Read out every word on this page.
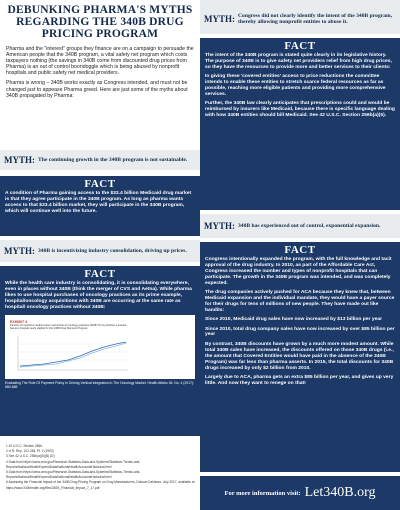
DEBUNKING PHARMA'S MYTHS REGARDING THE 340B DRUG PRICING PROGRAM

Pharma and the "interest" groups they finance are on a campaign to persuade the American people that the 340B program, a vital safety net program which costs taxpayers nothing (the savings in 340B come from discounted drug prices from Pharma) is an out of control boondoggle which is being abused by nonprofit hospitals and public safety net medical providers.

Pharma is wrong – 340B works exactly as Congress intended, and must not be changed just to appease Pharma greed. Here are just some of the myths about 340B propagated by Pharma:

MYTH: The continuing growth in the 340B program is not sustainable.
FACT

A condition of Pharma gaining access to the $33.4 billion Medicaid drug market is that they agree participate in the 340B program. As long as pharma wants access to that $33.4 billion market, they will participate in the 340B program, which will continue well into the future.

MYTH: 340B is incentivizing industry consolidation, driving up prices.
FACT

While the health care industry is consolidating, it is consolidating everywhere, even in places without 340B (think the merger of CVS and Aetna). While pharma likes to use hospital purchases of oncology practices as its prime example, hospital/oncology acquisitions with 340B are occurring at the same rate as hospital/ oncology practices without 340B:

EXHIBIT 3
Percent of hospital or health-system ownership of oncology practices (340B TV) by whether a practice has any hospital newly eligible for the 340B Drug Discount Program
Evaluating The Role Of Payment Policy In Driving Vertical Integration In The Oncology Market, Health Affairs 36, No. 4 (2017): 680-688
1 42 U.S.C. Section 256b.
2 H.R. Rep. 102-384, Pt. 2 (1992)
3 See 42 U.S.C. 256b(a)(5)(B)-(D)
4 Data from https://www.cms.gov/Research-Statistics-Data-and-Systems/Statistics-Trends-and-Reports/NationalHealthExpendData/NationalHealthAccountsHistorical.html
5 Data from https://www.cms.gov/Research-Statistics-Data-and-Systems/Statistics-Trends-and-Reports/NationalHealthExpendData/NationalHealthAccountsHistorical.html
6 Assessing the Financial Impact of the 340B Drug Pricing Program on Drug Manufacturers, Dobson DaVanzo, July 2017, available at https://www.340bhealth.org/files/340B_Financial_Impact_7_17.pdf
MYTH: Congress did not clearly identify the intent of the 340B program, thereby allowing nonprofit entities to abuse it.
FACT

The intent of the 340B program is stated quite clearly in its legislative history. The purpose of 340B is to give safety net providers relief from high drug prices, so they have the resources to provide more and better services to their clients:

In giving these 'covered entities' access to price reductions the committee intends to enable these entities to stretch scarce federal resources as far as possible, reaching more eligible patients and providing more comprehensive services.

Further, the 340B law clearly anticipates that prescriptions could and would be reimbursed by insurers like Medicaid, because there is specific language dealing with how 340B entities should bill Medicaid. See 42 U.S.C. Section 256b(a)(5).

MYTH: 340B has experienced out of control, exponential expansion.
FACT

Congress intentionally expanded the program, with the full knowledge and tacit approval of the drug industry. In 2010, as part of the Affordable Care Act, Congress increased the number and types of nonprofit hospitals that can participate. The growth in the 340B program was intended, and was completely expected.

The drug companies actively pushed for ACA because they knew that, between Medicaid expansion and the individual mandate, they would have a payer source for their drugs for tens of millions of new people. They have made out like bandits:

Since 2010, Medicaid drug sales have now increased by $13 billion per year

Since 2010, total drug company sales have now increased by over $85 billion per year

By contrast, 340B discounts have grown by a much more modest amount. While total 340B sales have increased, the discounts offered on those 340B drugs (i.e., the amount that Covered Entities would have paid in the absence of the 340B Program) was far less than pharma asserts. In 2015, the total discounts for 340B drugs increased by only $2 billion from 2010.

Largely due to ACA, pharma gets an extra $85 billion per year, and gives up very little. And now they want to renege on that!

For more information visit: Let340B.org
